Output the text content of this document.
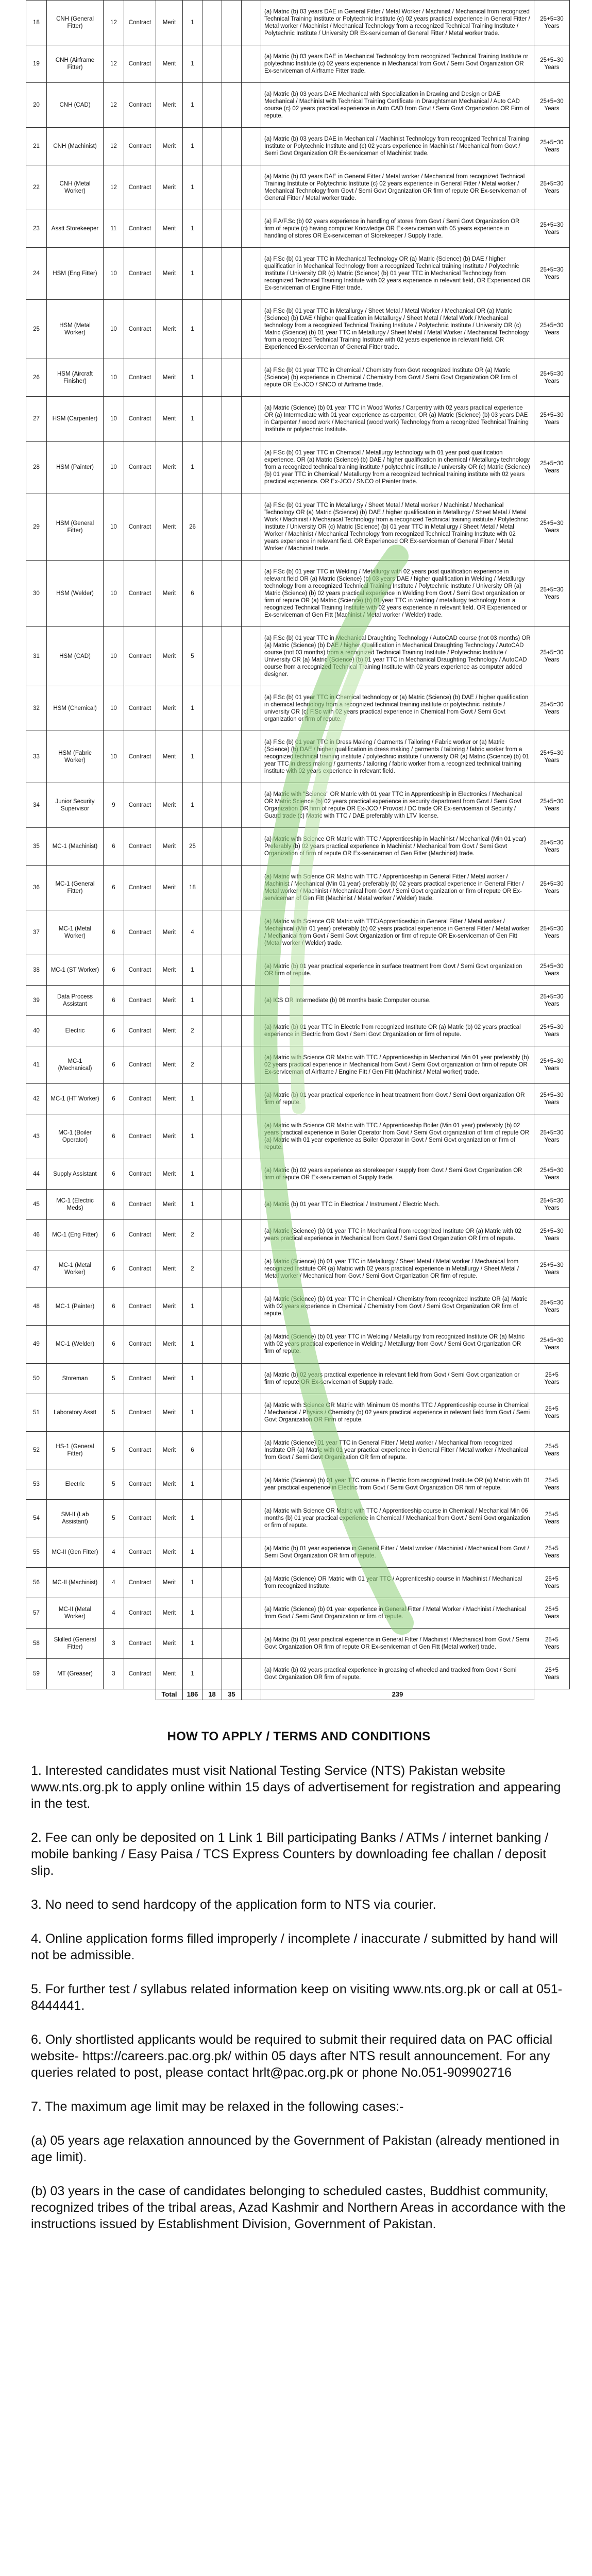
18	CNH (General Fitter)	12	Contract	Merit	1				(a) Matric (b) 03 years DAE in General Fitter / Metal Worker / Machinist / Mechanical from recognized Technical Training Institute or Polytechnic Institute (c) 02 years practical experience in General Fitter / Metal worker / Machinist / Mechanical Technology from a recognized Technical Training Institute / Polytechnic Institute / University OR Ex-serviceman of General Fitter / Metal worker trade.	25+5=30 Years
19	CNH (Airframe Fitter)	12	Contract	Merit	1				(a) Matric (b) 03 years DAE in Mechanical Technology from recognized Technical Training Institute or polytechnic Institute (c) 02 years experience in Mechanical from Govt / Semi Govt Organization OR Ex-serviceman of Airframe Fitter trade.	25+5=30 Years
20	CNH (CAD)	12	Contract	Merit	1				(a) Matric (b) 03 years DAE Mechanical with Specialization in Drawing and Design or DAE Mechanical / Machinist with Technical Training Certificate in Draughtsman Mechanical / Auto CAD course (c) 02 years practical experience in Auto CAD from Govt / Semi Govt Organization OR Firm of repute.	25+5=30 Years
21	CNH (Machinist)	12	Contract	Merit	1				(a) Matric (b) 03 years DAE in Mechanical / Machinist Technology from recognized Technical Training Institute or Polytechnic Institute and (c) 02 years experience in Machinist / Mechanical from Govt / Semi Govt Organization OR Ex-serviceman of Machinist trade.	25+5=30 Years
22	CNH (Metal Worker)	12	Contract	Merit	1				(a) Matric (b) 03 years DAE in General Fitter / Metal worker / Mechanical from recognized Technical Training Institute or Polytechnic Institute (c) 02 years experience in General Fitter / Metal worker / Mechanical Technology from Govt / Semi Govt Organization OR firm of repute OR Ex-serviceman of General Fitter / Metal worker trade.	25+5=30 Years
23	Asstt Storekeeper	11	Contract	Merit	1				(a) F.A/F.Sc (b) 02 years experience in handling of stores from Govt / Semi Govt Organization OR firm of repute (c) having computer Knowledge OR Ex-serviceman with 05 years experience in handling of stores OR Ex-serviceman of Storekeeper / Supply trade.	25+5=30 Years
24	HSM (Eng Fitter)	10	Contract	Merit	1				(a) F.Sc (b) 01 year TTC in Mechanical Technology OR (a) Matric (Science) (b) DAE / higher qualification in Mechanical Technology from a recognized Technical training Institute / Polytechnic Institute / University OR (c) Matric (Science) (b) 01 year TTC in Mechanical Technology from recognized Technical Training Institute with 02 years experience in relevant field, OR Experienced OR Ex-serviceman of Engine Fitter trade.	25+5=30 Years
25	HSM (Metal Worker)	10	Contract	Merit	1				(a) F.Sc (b) 01 year TTC in Metallurgy / Sheet Metal / Metal Worker / Mechanical OR (a) Matric (Science) (b) DAE / higher qualification in Metallurgy / Sheet Metal / Metal Work / Mechanical technology from a recognized Technical Training Institute / Polytechnic Institute / University OR (c) Matric (Science) (b) 01 year TTC in Metallurgy / Sheet Metal / Metal Worker / Mechanical Technology from a recognized Technical Training Institute with 02 years experience in relevant field. OR Experienced Ex-serviceman of General Fitter trade.	25+5=30 Years
26	HSM (Aircraft Finisher)	10	Contract	Merit	1				(a) F.Sc (b) 01 year TTC in Chemical / Chemistry from Govt recognized Institute OR (a) Matric (Science) (b) experience in Chemical / Chemistry from Govt / Semi Govt Organization OR firm of repute OR Ex-JCO / SNCO of Airframe trade.	25+5=30 Years
27	HSM (Carpenter)	10	Contract	Merit	1				(a) Matric (Science) (b) 01 year TTC in Wood Works / Carpentry with 02 years practical experience OR (a) Intermediate with 01 year experience as carpenter, OR (a) Matric (Science) (b) 03 years DAE in Carpenter / wood work / Mechanical (wood work) Technology from a recognized Technical Training Institute or polytechnic Institute.	25+5=30 Years
28	HSM (Painter)	10	Contract	Merit	1				(a) F.Sc (b) 01 year TTC in Chemical / Metallurgy technology with 01 year post qualification experience. OR (a) Matric (Science) (b) DAE / higher qualification in chemical / Metallurgy technology from a recognized technical training institute / polytechnic institute / university OR (c) Matric (Science) (b) 01 year TTC in Chemical / Metallurgy from a recognized technical training institute with 02 years practical experience. OR Ex-JCO / SNCO of Painter trade.	25+5=30 Years
29	HSM (General Fitter)	10	Contract	Merit	26				(a) F.Sc (b) 01 year TTC in Metallurgy / Sheet Metal / Metal worker / Machinist / Mechanical Technology OR (a) Matric (Science) (b) DAE / higher qualification in Metallurgy / Sheet Metal / Metal Work / Machinist / Mechanical Technology from a recognized Technical training institute / Polytechnic Institute / University OR (c) Matric (Science) (b) 01 year TTC in Metallurgy / Sheet Metal / Metal Worker / Machinist / Mechanical Technology from recognized Technical Training Institute with 02 years experience in relevant field. OR Experienced OR Ex-serviceman of General Fitter / Metal Worker / Machinist trade.	25+5=30 Years
30	HSM (Welder)	10	Contract	Merit	6				(a) F.Sc (b) 01 year TTC in Welding / Metallurgy with 02 years post qualification experience in relevant field OR (a) Matric (Science) (b) 03 years DAE / higher qualification in Welding / Metallurgy technology from a recognized Technical Training Institute / Polytechnic Institute / University OR (a) Matric (Science) (b) 02 years practical experience in Welding from Govt / Semi Govt organization or firm of repute OR (a) Matric (Science) (b) 01 year TTC in welding / metallurgy technology from a recognized Technical Training Institute with 02 years experience in relevant field. OR Experienced or Ex-serviceman of Gen Fitt (Machinist / Metal worker / Welder) trade.	25+5=30 Years
31	HSM (CAD)	10	Contract	Merit	5				(a) F.Sc (b) 01 year TTC in Mechanical Draughting Technology / AutoCAD course (not 03 months) OR (a) Matric (Science) (b) DAE / higher Qualification in Mechanical Draughting Technology / AutoCAD course (not 03 months) from a recognized Technical Training Institute / Polytechnic Institute / University OR (a) Matric (Science) (b) 01 year TTC in Mechanical Draughting Technology / AutoCAD course from a recognized Technical Training Institute with 02 years experience as computer added designer.	25+5=30 Years
32	HSM (Chemical)	10	Contract	Merit	1				(a) F.Sc (b) 01 year TTC in Chemical technology or (a) Matric (Science) (b) DAE / higher qualification in chemical technology from a recognized technical training institute or polytechnic institute / university OR (c) F.Sc with 02 years practical experience in Chemical from Govt / Semi Govt organization or firm of repute.	25+5=30 Years
33	HSM (Fabric Worker)	10	Contract	Merit	1				(a) F.Sc (b) 01 year TTC in Dress Making / Garments / Tailoring / Fabric worker or (a) Matric (Science) (b) DAE / higher qualification in dress making / garments / tailoring / fabric worker from a recognized technical training institute / polytechnic institute / university OR (a) Matric (Science) (b) 01 year TTC in dress making / garments / tailoring / fabric worker from a recognized technical training institute with 02 years experience in relevant field.	25+5=30 Years
34	Junior Security Supervisor	9	Contract	Merit	1				(a) Matric with "Science" OR Matric with 01 year TTC in Apprenticeship in Electronics / Mechanical OR Matric Science (b) 02 years practical experience in security department from Govt / Semi Govt Organization OR firm of repute OR Ex-JCO / Provost / DC trade OR Ex-serviceman of Security / Guard trade (c) Matric with TTC / DAE preferably with LTV license.	25+5=30 Years
35	MC-1 (Machinist)	6	Contract	Merit	25				(a) Matric with Science OR Matric with TTC / Apprenticeship in Machinist / Mechanical (Min 01 year) Preferably (b) 02 years practical experience in Machinist / Mechanical from Govt / Semi Govt Organization of firm of repute OR Ex-serviceman of Gen Fitter (Machinist) trade.	25+5=30 Years
36	MC-1 (General Fitter)	6	Contract	Merit	18				(a) Matric with Science OR Matric with TTC / Apprenticeship in General Fitter / Metal worker / Machinist / Mechanical (Min 01 year) preferably (b) 02 years practical experience in General Fitter / Metal worker / Machinist / Mechanical from Govt / Semi Govt organization or firm of repute OR Ex-serviceman of Gen Fitt (Machinist / Metal worker / Welder) trade.	25+5=30 Years
37	MC-1 (Metal Worker)	6	Contract	Merit	4				(a) Matric with Science OR Matric with TTC/Apprenticeship in General Fitter / Metal worker / Mechanical (Min 01 year) preferably (b) 02 years practical experience in General Fitter / Metal worker / Mechanical from Govt / Semi Govt Organization or firm of repute OR Ex-serviceman of Gen Fitt (Metal worker / Welder) trade.	25+5=30 Years
38	MC-1 (ST Worker)	6	Contract	Merit	1				(a) Matric (b) 01 year practical experience in surface treatment from Govt / Semi Govt organization OR firm of repute.	25+5=30 Years
39	Data Process Assistant	6	Contract	Merit	1				(a) ICS OR Intermediate (b) 06 months basic Computer course.	25+5=30 Years
40	Electric	6	Contract	Merit	2				(a) Matric (b) 01 year TTC in Electric from recognized Institute OR (a) Matric (b) 02 years practical experience in Electric from Govt / Semi Govt Organization or firm of repute.	25+5=30 Years
41	MC-1 (Mechanical)	6	Contract	Merit	2				(a) Matric with Science OR Matric with TTC / Apprenticeship in Mechanical Min 01 year preferably (b) 02 years practical experience in Mechanical from Govt / Semi Govt organization or firm of repute OR Ex-serviceman of Airframe / Engine Fitt / Gen Fitt (Machinist / Metal worker) trade.	25+5=30 Years
42	MC-1 (HT Worker)	6	Contract	Merit	1				(a) Matric (b) 01 year practical experience in heat treatment from Govt / Semi Govt organization OR firm of repute.	25+5=30 Years
43	MC-1 (Boiler Operator)	6	Contract	Merit	1				(a) Matric with Science OR Matric with TTC / Apprenticeship Boiler (Min 01 year) preferably (b) 02 years practical experience in Boiler Operator from Govt / Semi Govt organization of firm of repute OR (a) Matric with 01 year experience as Boiler Operator in Govt / Semi Govt organization or firm of repute.	25+5=30 Years
44	Supply Assistant	6	Contract	Merit	1				(a) Matric (b) 02 years experience as storekeeper / supply from Govt / Semi Govt Organization OR firm of repute OR Ex-serviceman of Supply trade.	25+5=30 Years
45	MC-1 (Electric Meds)	6	Contract	Merit	1				(a) Matric (b) 01 year TTC in Electrical / Instrument / Electric Mech.	25+5=30 Years
46	MC-1 (Eng Fitter)	6	Contract	Merit	2				(a) Matric (Science) (b) 01 year TTC in Mechanical from recognized Institute OR (a) Matric with 02 years practical experience in Mechanical from Govt / Semi Govt Organization OR firm of repute.	25+5=30 Years
47	MC-1 (Metal Worker)	6	Contract	Merit	2				(a) Matric (Science) (b) 01 year TTC in Metallurgy / Sheet Metal / Metal worker / Mechanical from recognized Institute OR (a) Matric with 02 years practical experience in Metallurgy / Sheet Metal / Metal worker / Mechanical from Govt / Semi Govt Organization OR firm of repute.	25+5=30 Years
48	MC-1 (Painter)	6	Contract	Merit	1				(a) Matric (Science) (b) 01 year TTC in Chemical / Chemistry from recognized Institute OR (a) Matric with 02 years experience in Chemical / Chemistry from Govt / Semi Govt Organization OR firm of repute.	25+5=30 Years
49	MC-1 (Welder)	6	Contract	Merit	1				(a) Matric (Science) (b) 01 year TTC in Welding / Metallurgy from recognized Institute OR (a) Matric with 02 years practical experience in Welding / Metallurgy from Govt / Semi Govt Organization OR firm of repute.	25+5=30 Years
50	Storeman	5	Contract	Merit	1				(a) Matric (b) 02 years practical experience in relevant field from Govt / Semi Govt organization or firm of repute OR Ex-serviceman of Supply trade.	25+5 Years
51	Laboratory Asstt	5	Contract	Merit	1				(a) Matric with Science OR Matric with Minimum 06 months TTC / Apprenticeship course in Chemical / Mechanical / Physics / Chemistry (b) 02 years practical experience in relevant field from Govt / Semi Govt Organization OR Firm of repute.	25+5 Years
52	HS-1 (General Fitter)	5	Contract	Merit	6				(a) Matric (Science) 01 year TTC in General Fitter / Metal worker / Mechanical from recognized Institute OR (a) Matric with 01 year practical experience in General Fitter / Metal worker / Mechanical from Govt / Semi Govt Organization OR firm of repute.	25+5 Years
53	Electric	5	Contract	Merit	1				(a) Matric (Science) (b) 01 year TTC course in Electric from recognized Institute OR (a) Matric with 01 year practical experience in Electric from Govt / Semi Govt Organization OR firm of repute.	25+5 Years
54	SM-II (Lab Assistant)	5	Contract	Merit	1				(a) Matric with Science OR Matric with TTC / Apprenticeship course in Chemical / Mechanical Min 06 months (b) 01 year practical experience in Chemical / Mechanical from Govt / Semi Govt organization or firm of repute.	25+5 Years
55	MC-II (Gen Fitter)	4	Contract	Merit	1				(a) Matric (b) 01 year experience in General Fitter / Metal worker / Machinist / Mechanical from Govt / Semi Govt Organization OR firm of repute.	25+5 Years
56	MC-II (Machinist)	4	Contract	Merit	1				(a) Matric (Science) OR Matric with 01 year TTC / Apprenticeship course in Machinist / Mechanical from recognized Institute.	25+5 Years
57	MC-II (Metal Worker)	4	Contract	Merit	1				(a) Matric (Science) (b) 01 year experience in General Fitter / Metal Worker / Machinist / Mechanical from Govt / Semi Govt Organization or firm of repute.	25+5 Years
58	Skilled (General Fitter)	3	Contract	Merit	1				(a) Matric (b) 01 year practical experience in General Fitter / Machinist / Mechanical from Govt / Semi Govt Organization OR firm of repute OR Ex-serviceman of Gen Fitt (Metal worker) trade.	25+5 Years
59	MT (Greaser)	3	Contract	Merit	1				(a) Matric (b) 02 years practical experience in greasing of wheeled and tracked from Govt / Semi Govt Organization OR firm of repute.	25+5 Years
				Total	186	18	35		239	
HOW TO APPLY / TERMS AND CONDITIONS
1. Interested candidates must visit National Testing Service (NTS) Pakistan website www.nts.org.pk to apply online within 15 days of advertisement for registration and appearing in the test.
2. Fee can only be deposited on 1 Link 1 Bill participating Banks / ATMs / internet banking / mobile banking / Easy Paisa / TCS Express Counters by downloading fee challan / deposit slip.
3. No need to send hardcopy of the application form to NTS via courier.
4. Online application forms filled improperly / incomplete / inaccurate / submitted by hand will not be admissible.
5. For further test / syllabus related information keep on visiting www.nts.org.pk or call at 051-8444441.
6. Only shortlisted applicants would be required to submit their required data on PAC official website- https://careers.pac.org.pk/ within 05 days after NTS result announcement. For any queries related to post, please contact hrlt@pac.org.pk or phone No.051-909902716
7. The maximum age limit may be relaxed in the following cases:-
(a) 05 years age relaxation announced by the Government of Pakistan (already mentioned in age limit).
(b) 03 years in the case of candidates belonging to scheduled castes, Buddhist community, recognized tribes of the tribal areas, Azad Kashmir and Northern Areas in accordance with the instructions issued by Establishment Division, Government of Pakistan.
